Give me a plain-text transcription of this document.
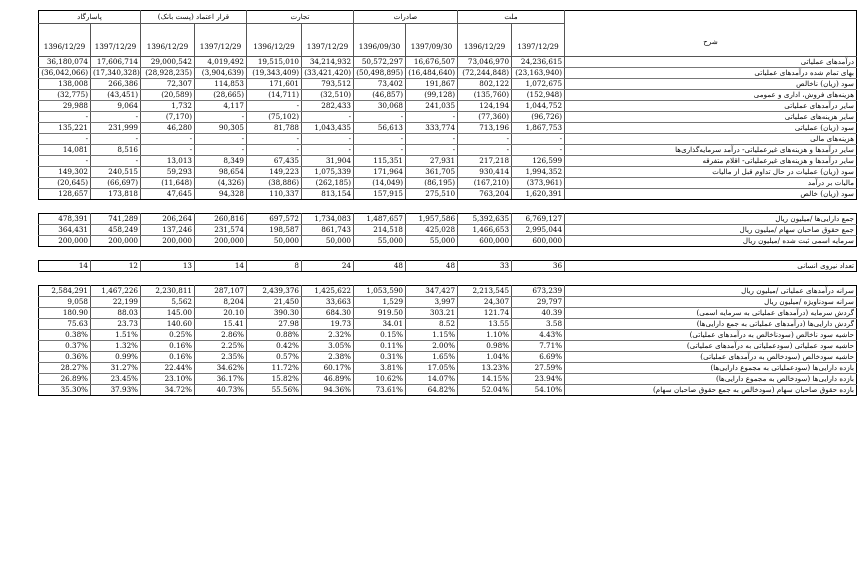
پاسارگاد		قرار اعتماد (پست بانک)		تجارت		صادرات		ملت		شرح
1396/12/29	1397/12/29	1396/12/29	1397/12/29	1396/12/29	1397/12/29	1396/09/30	1397/09/30	1396/12/29	1397/12/29	
36,180,074	17,606,714	29,000,542	4,019,492	19,515,010	34,214,932	50,572,297	16,676,507	73,046,970	24,236,615	درآمدهای عملیاتی
(36,042,066)	(17,340,328)	(28,928,235)	(3,904,639)	(19,343,409)	(33,421,420)	(50,498,895)	(16,484,640)	(72,244,848)	(23,163,940)	بهای تمام شده درآمدهای عملیاتی
138,008	266,386	72,307	114,853	171,601	793,512	73,402	191,867	802,122	1,072,675	سود (زیان) ناخالص
(32,775)	(43,451)	(20,589)	(28,665)	(14,711)	(32,510)	(46,857)	(99,128)	(135,760)	(152,948)	هزینه‌های فروش، اداری و عمومی
29,988	9,064	1,732	4,117	-	282,433	30,068	241,035	124,194	1,044,752	سایر درآمدهای عملیاتی
-	-	(7,170)	-	(75,102)	-	-	-	(77,360)	(96,726)	سایر هزینه‌های عملیاتی
135,221	231,999	46,280	90,305	81,788	1,043,435	56,613	333,774	713,196	1,867,753	سود (زیان) عملیاتی
-	-	-	-	-	-	-	-	-	-	هزینه‌های مالی
14,081	8,516	-	-	-	-	-	-	-	-	سایر درآمدها و هزینه‌های غیرعملیاتی- درآمد سرمایه‌گذاری‌ها
-	-	13,013	8,349	67,435	31,904	115,351	27,931	217,218	126,599	سایر درآمدها و هزینه‌های غیرعملیاتی- اقلام متفرقه
149,302	240,515	59,293	98,654	149,223	1,075,339	171,964	361,705	930,414	1,994,352	سود (زیان) عملیات در حال تداوم قبل از مالیات
(20,645)	(66,697)	(11,648)	(4,326)	(38,886)	(262,185)	(14,049)	(86,195)	(167,210)	(373,961)	مالیات بر درآمد
128,657	173,818	47,645	94,328	110,337	813,154	157,915	275,510	763,204	1,620,391	سود (زیان) خالص

478,391	741,289	206,264	260,816	697,572	1,734,083	1,487,657	1,957,586	5,392,635	6,769,127	جمع دارایی‌ها /میلیون ریال
364,431	458,249	137,246	231,574	198,587	861,743	214,518	425,028	1,466,653	2,995,044	جمع حقوق صاحبان سهام /میلیون ریال
200,000	200,000	200,000	200,000	50,000	50,000	55,000	55,000	600,000	600,000	سرمایه اسمی ثبت شده /میلیون ریال

14	12	13	14	8	24	48	48	33	36	تعداد نیروی انسانی

2,584,291	1,467,226	2,230,811	287,107	2,439,376	1,425,622	1,053,590	347,427	2,213,545	673,239	سرانه درآمدهای عملیاتی /میلیون ریال
9,058	22,199	5,562	8,204	21,450	33,663	1,529	3,997	24,307	29,797	سرانه سودناویژه /میلیون ریال
180.90	88.03	145.00	20.10	390.30	684.30	919.50	303.21	121.74	40.39	گردش سرمایه (درآمدهای عملیاتی به سرمایه اسمی)
75.63	23.73	140.60	15.41	27.98	19.73	34.01	8.52	13.55	3.58	گردش دارایی‌ها (درآمدهای عملیاتی به جمع دارایی‌ها)
0.38%	1.51%	0.25%	2.86%	0.88%	2.32%	0.15%	1.15%	1.10%	4.43%	حاشیه سود ناخالص (سودناخالص به درآمدهای عملیاتی)
0.37%	1.32%	0.16%	2.25%	0.42%	3.05%	0.11%	2.00%	0.98%	7.71%	حاشیه سود عملیاتی (سودعملیاتی به درآمدهای عملیاتی)
0.36%	0.99%	0.16%	2.35%	0.57%	2.38%	0.31%	1.65%	1.04%	6.69%	حاشیه سودخالص (سودخالص به درآمدهای عملیاتی)
28.27%	31.27%	22.44%	34.62%	11.72%	60.17%	3.81%	17.05%	13.23%	27.59%	بازده دارایی‌ها (سودعملیاتی به مجموع دارایی‌ها)
26.89%	23.45%	23.10%	36.17%	15.82%	46.89%	10.62%	14.07%	14.15%	23.94%	بازده دارایی‌ها (سودخالص به مجموع دارایی‌ها)
35.30%	37.93%	34.72%	40.73%	55.56%	94.36%	73.61%	64.82%	52.04%	54.10%	بازده حقوق صاحبان سهام (سودخالص به جمع حقوق صاحبان سهام)
